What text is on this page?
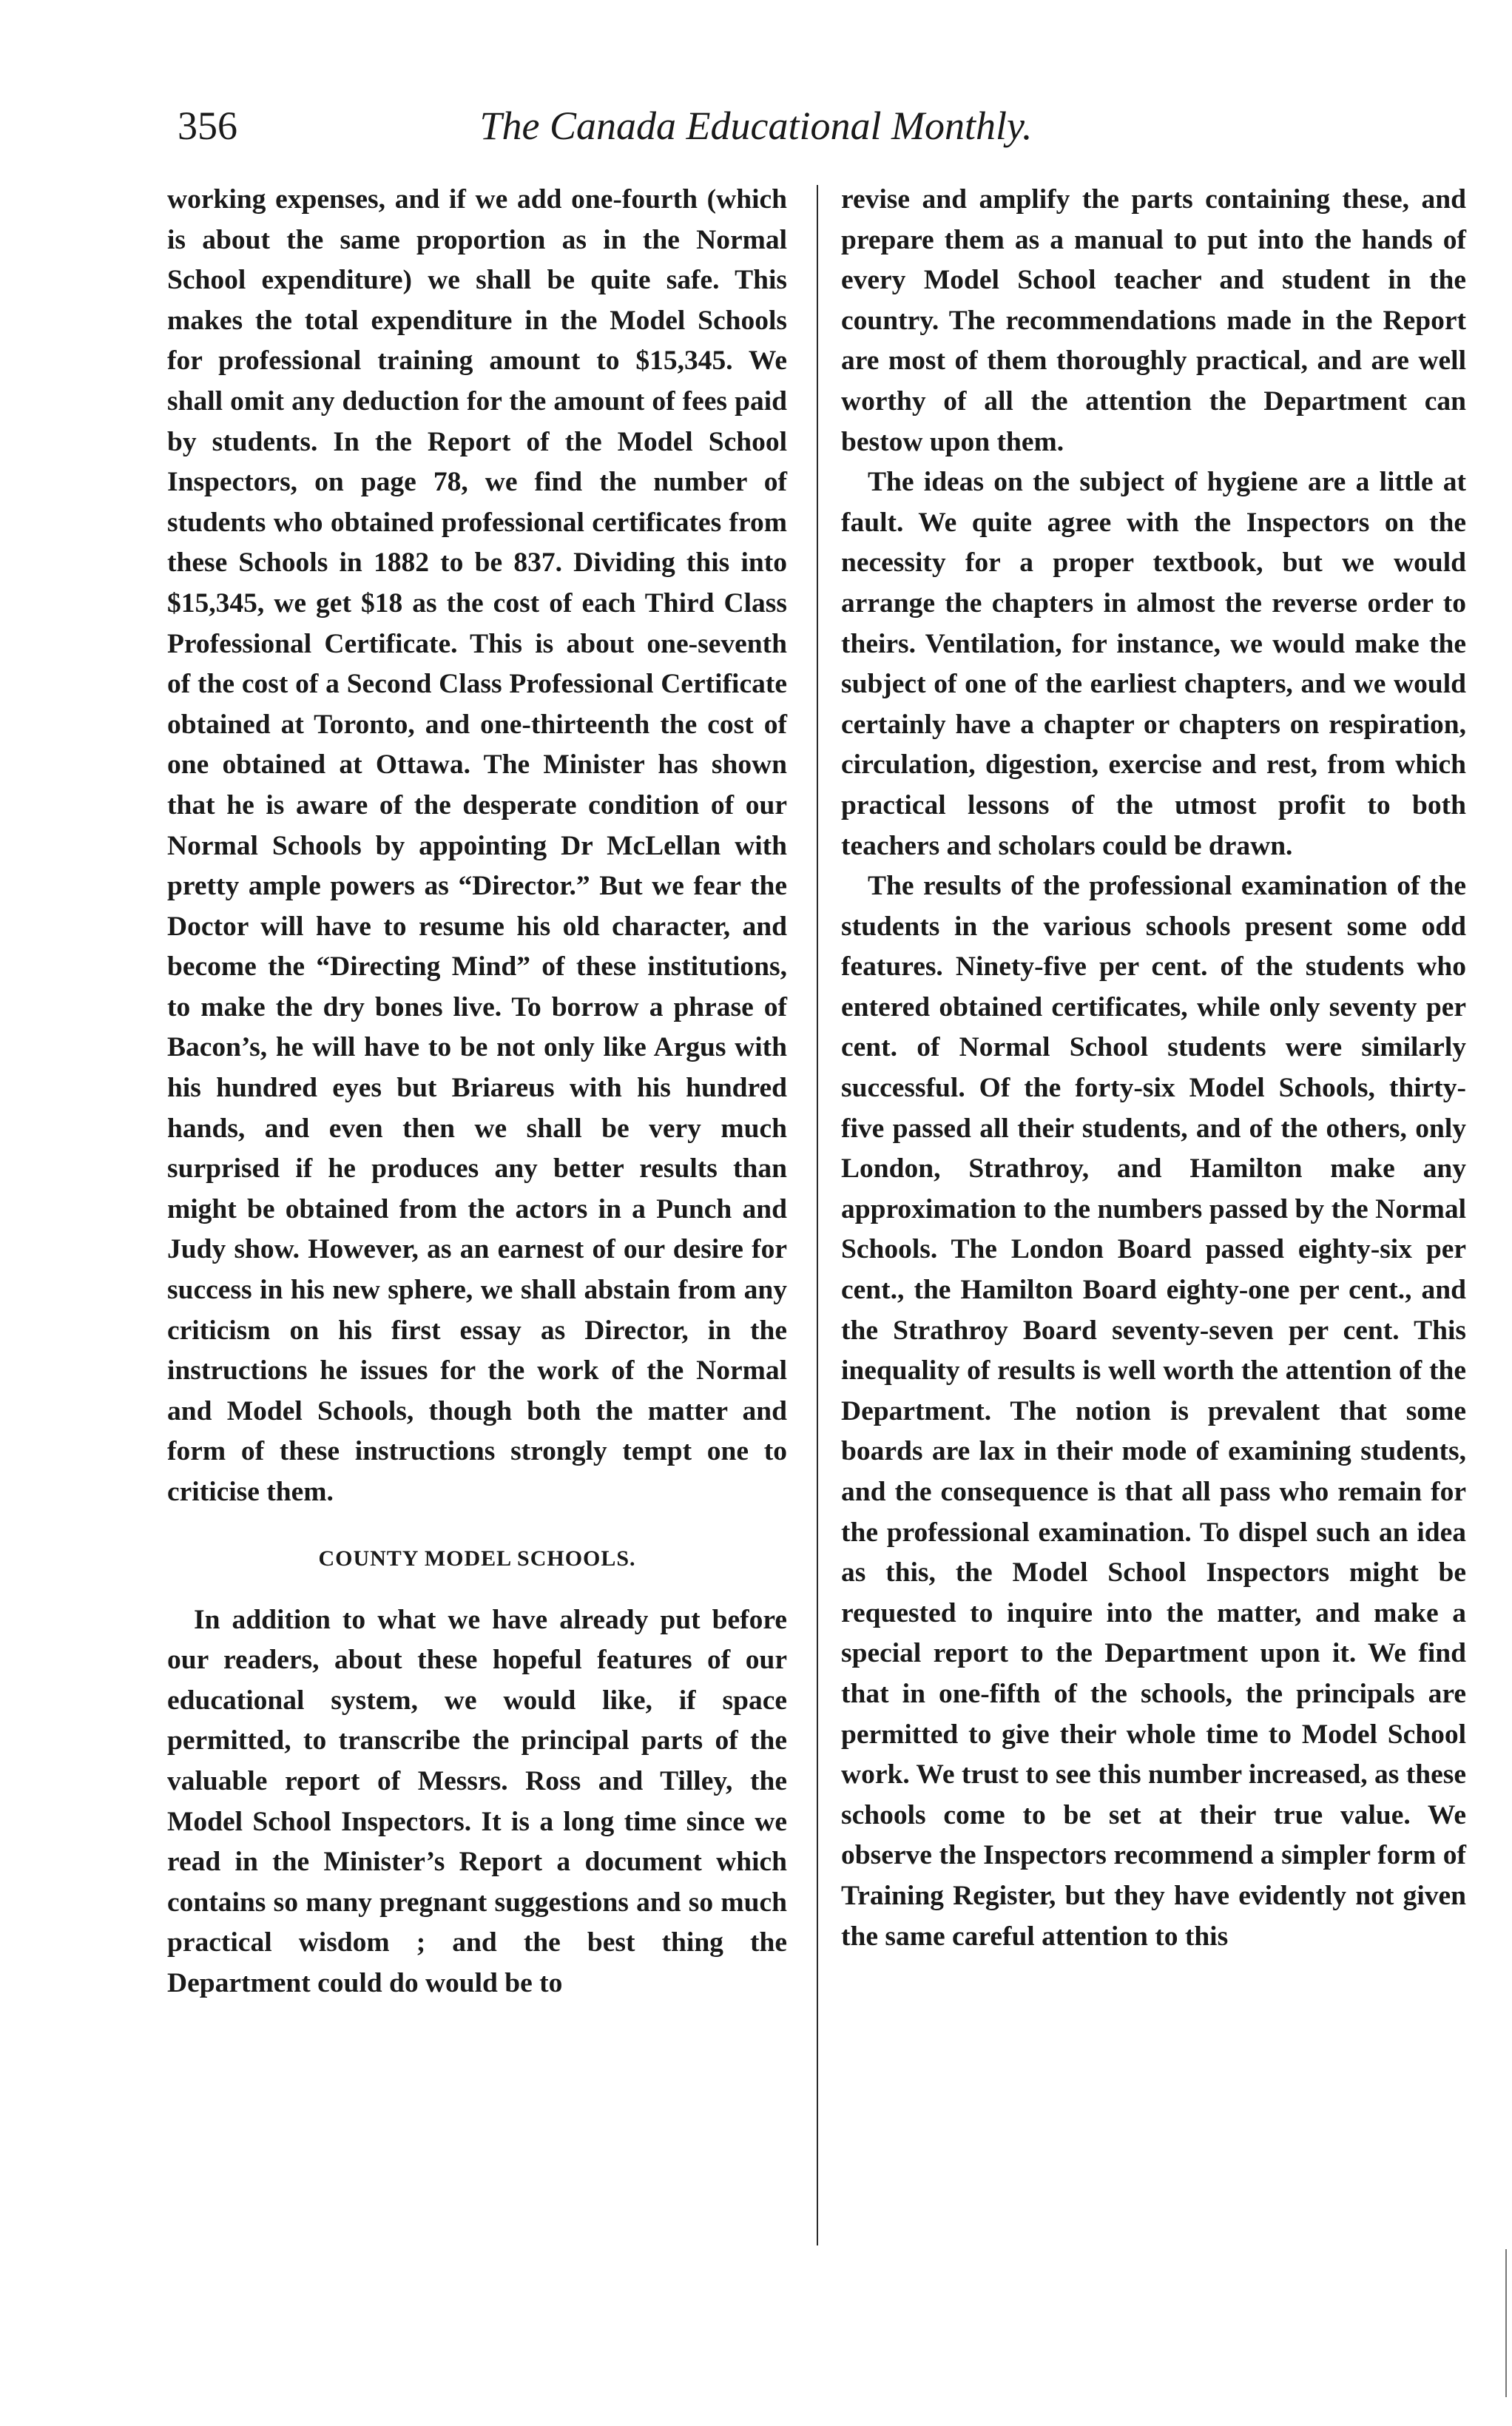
The Canada Educational Monthly.
356

working expenses, and if we add one-fourth (which is about the same proportion as in the Normal School expenditure) we shall be quite safe. This makes the total expenditure in the Model Schools for professional training amount to $15,345. We shall omit any deduction for the amount of fees paid by students. In the Report of the Model School Inspectors, on page 78, we find the number of students who obtained professional certificates from these Schools in 1882 to be 837. Dividing this into $15,345, we get $18 as the cost of each Third Class Professional Certificate. This is about one-seventh of the cost of a Second Class Professional Certificate obtained at Toronto, and one-thirteenth the cost of one obtained at Ottawa. The Minister has shown that he is aware of the desperate condition of our Normal Schools by appointing Dr McLellan with pretty ample powers as “Director.” But we fear the Doctor will have to resume his old character, and become the “Directing Mind” of these institutions, to make the dry bones live. To borrow a phrase of Bacon’s, he will have to be not only like Argus with his hundred eyes but Briareus with his hundred hands, and even then we shall be very much surprised if he produces any better results than might be obtained from the actors in a Punch and Judy show. However, as an earnest of our desire for success in his new sphere, we shall abstain from any criticism on his first essay as Director, in the instructions he issues for the work of the Normal and Model Schools, though both the matter and form of these instructions strongly tempt one to criticise them.

COUNTY MODEL SCHOOLS.

In addition to what we have already put before our readers, about these hopeful features of our educational system, we would like, if space permitted, to transcribe the principal parts of the valuable report of Messrs. Ross and Tilley, the Model School Inspectors. It is a long time since we read in the Minister’s Report a document which contains so many pregnant suggestions and so much practical wisdom ; and the best thing the Department could do would be to

revise and amplify the parts containing these, and prepare them as a manual to put into the hands of every Model School teacher and student in the country. The recommendations made in the Report are most of them thoroughly practical, and are well worthy of all the attention the Department can bestow upon them.

The ideas on the subject of hygiene are a little at fault. We quite agree with the Inspectors on the necessity for a proper textbook, but we would arrange the chapters in almost the reverse order to theirs. Ventilation, for instance, we would make the subject of one of the earliest chapters, and we would certainly have a chapter or chapters on respiration, circulation, digestion, exercise and rest, from which practical lessons of the utmost profit to both teachers and scholars could be drawn.

The results of the professional examination of the students in the various schools present some odd features. Ninety-five per cent. of the students who entered obtained certificates, while only seventy per cent. of Normal School students were similarly successful. Of the forty-six Model Schools, thirty-five passed all their students, and of the others, only London, Strathroy, and Hamilton make any approximation to the numbers passed by the Normal Schools. The London Board passed eighty-six per cent., the Hamilton Board eighty-one per cent., and the Strathroy Board seventy-seven per cent. This inequality of results is well worth the attention of the Department. The notion is prevalent that some boards are lax in their mode of examining students, and the consequence is that all pass who remain for the professional examination. To dispel such an idea as this, the Model School Inspectors might be requested to inquire into the matter, and make a special report to the Department upon it. We find that in one-fifth of the schools, the principals are permitted to give their whole time to Model School work. We trust to see this number increased, as these schools come to be set at their true value. We observe the Inspectors recommend a simpler form of Training Register, but they have evidently not given the same careful attention to this
